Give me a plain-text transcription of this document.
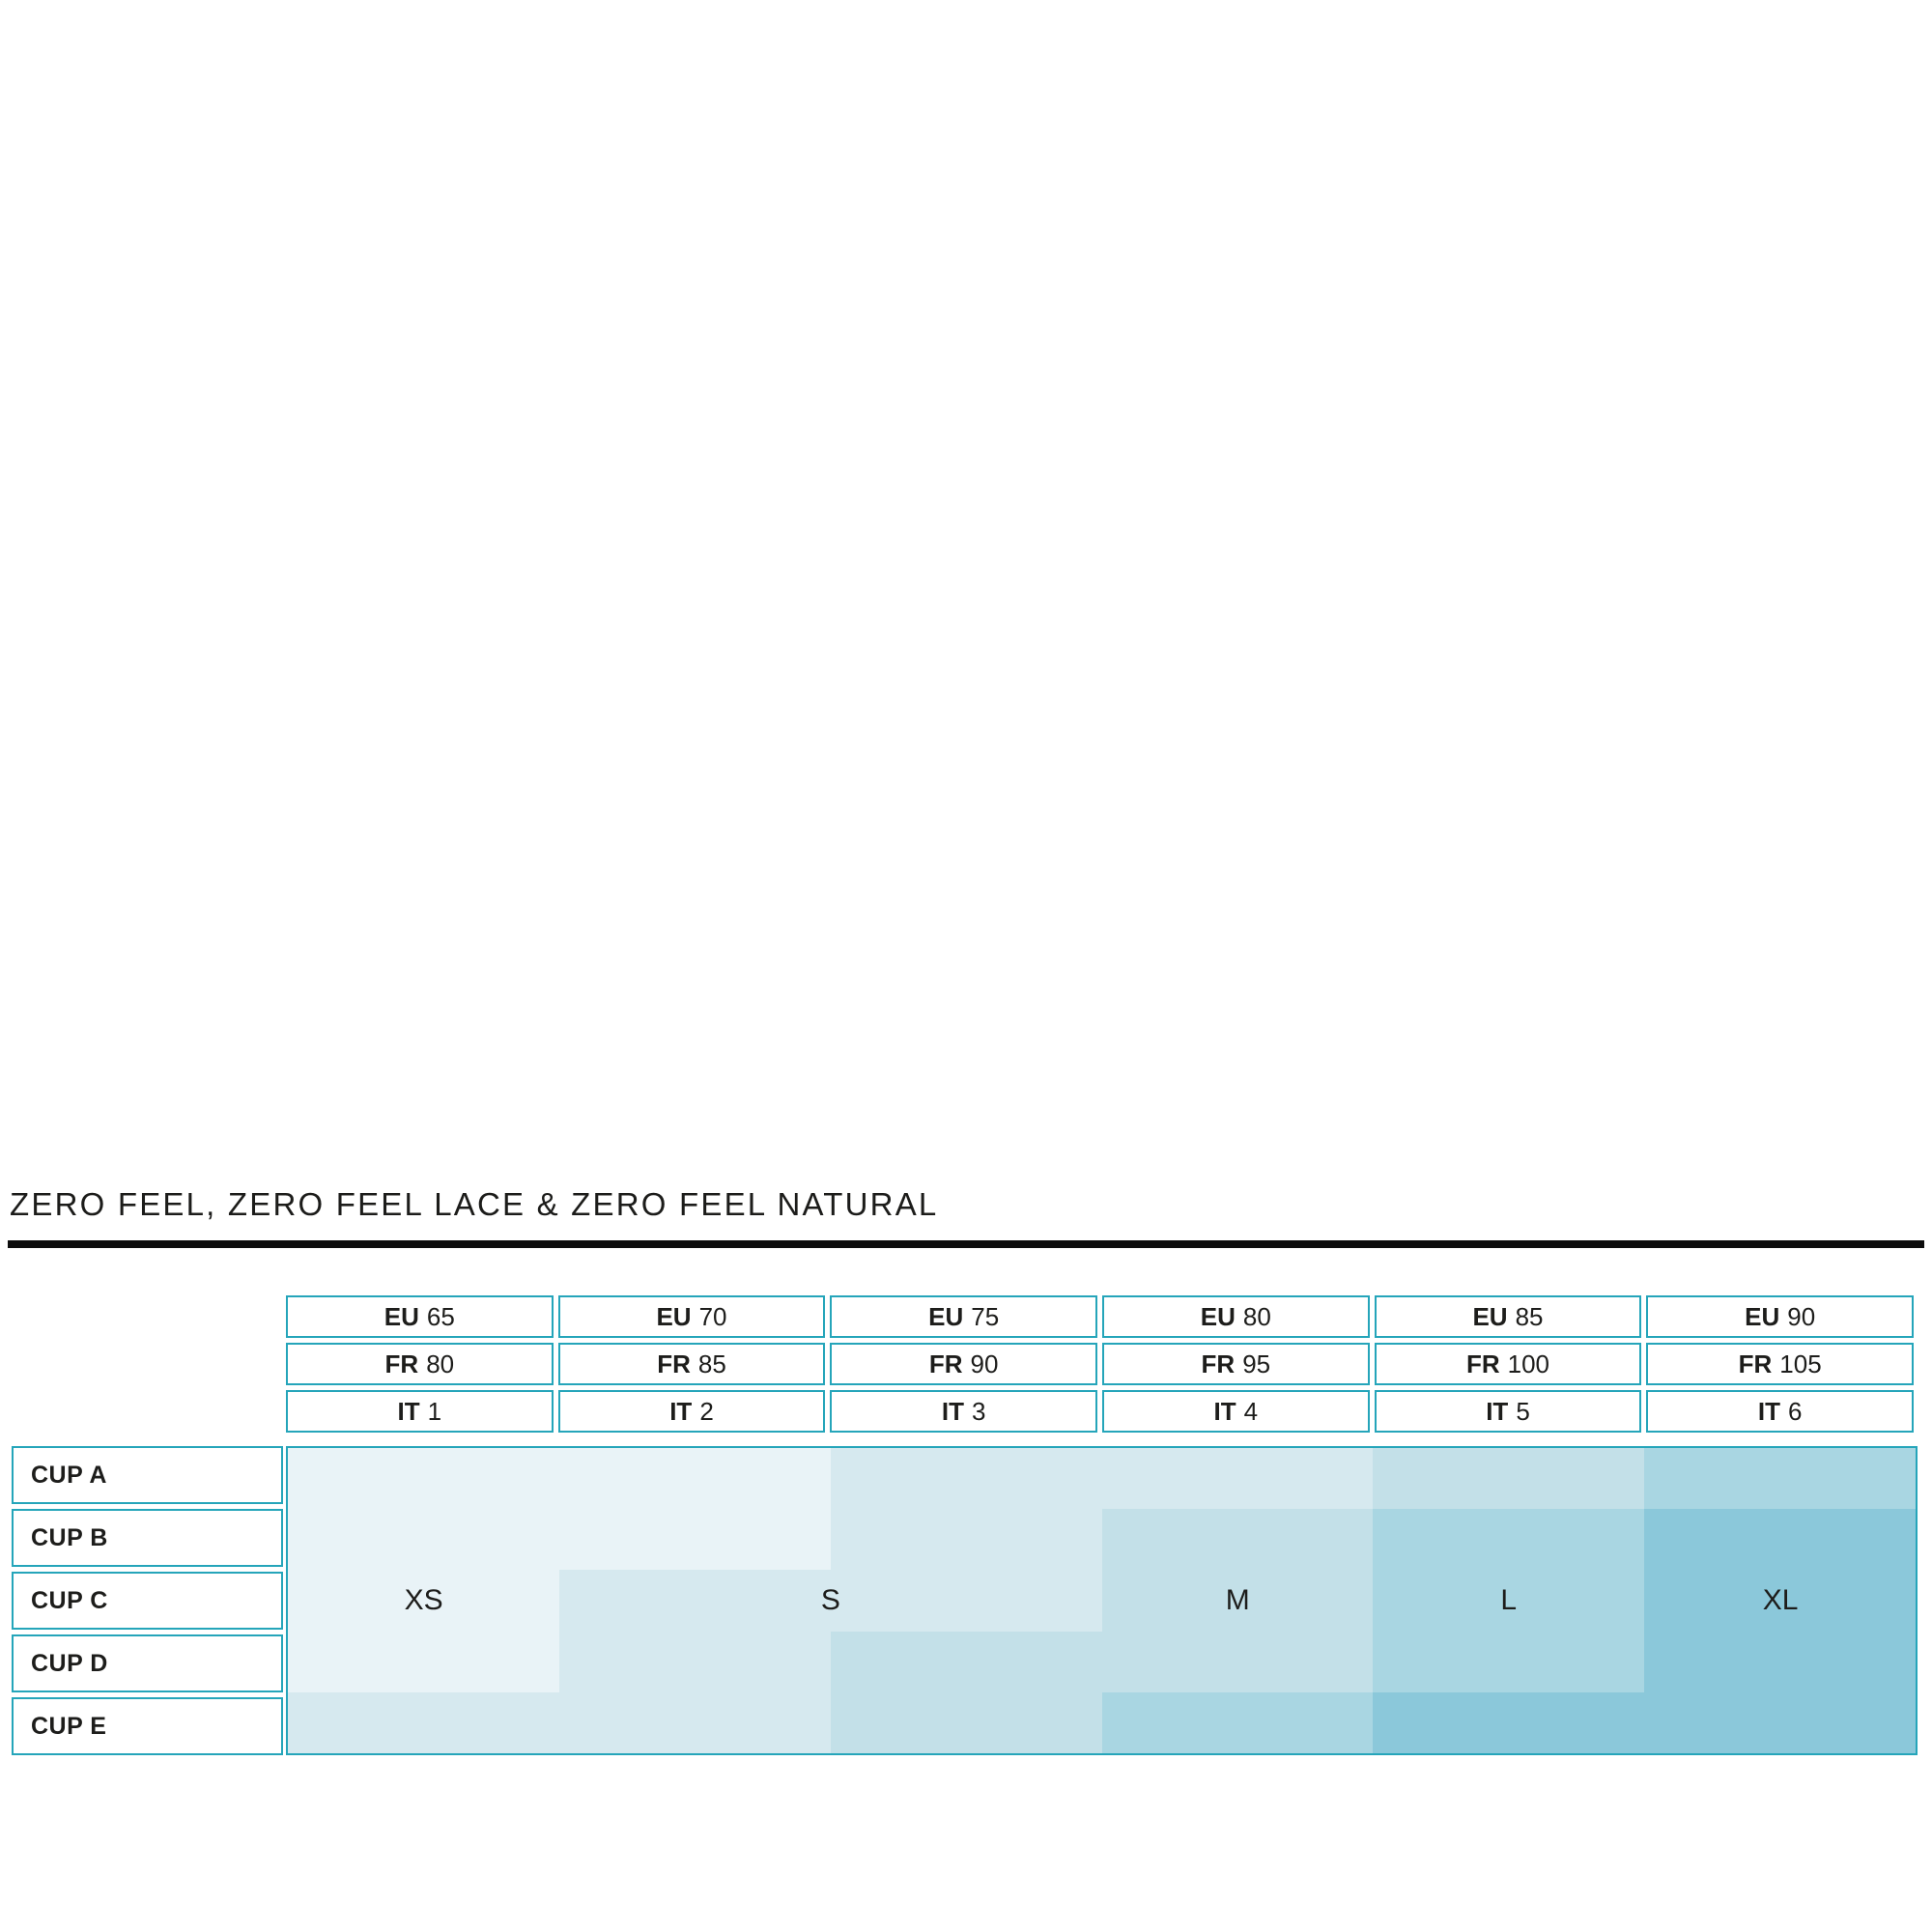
ZERO FEEL, ZERO FEEL LACE & ZERO FEEL NATURAL
EU 65	EU 70	EU 75	EU 80	EU 85	EU 90
FR 80	FR 85	FR 90	FR 95	FR 100	FR 105
IT 1	IT 2	IT 3	IT 4	IT 5	IT 6
CUP A
CUP B
CUP C
CUP D
CUP E
XS	S	M	L	XL
